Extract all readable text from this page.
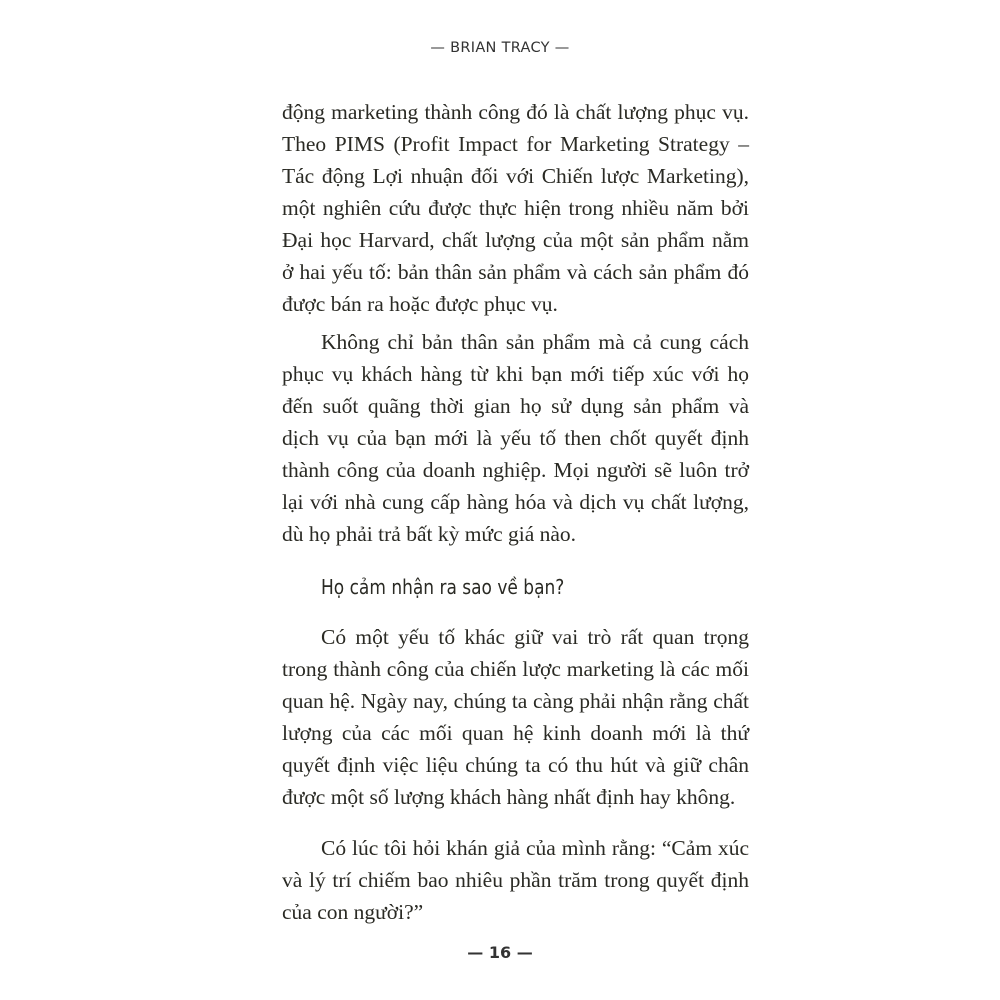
— BRIAN TRACY —
động marketing thành công đó là chất lượng phục vụ.
Theo PIMS (Profit Impact for Marketing Strategy –
Tác động Lợi nhuận đối với Chiến lược Marketing),
một nghiên cứu được thực hiện trong nhiều năm bởi
Đại học Harvard, chất lượng của một sản phẩm nằm
ở hai yếu tố: bản thân sản phẩm và cách sản phẩm đó
được bán ra hoặc được phục vụ.
Không chỉ bản thân sản phẩm mà cả cung cách
phục vụ khách hàng từ khi bạn mới tiếp xúc với họ
đến suốt quãng thời gian họ sử dụng sản phẩm và
dịch vụ của bạn mới là yếu tố then chốt quyết định
thành công của doanh nghiệp. Mọi người sẽ luôn trở
lại với nhà cung cấp hàng hóa và dịch vụ chất lượng,
dù họ phải trả bất kỳ mức giá nào.
Họ cảm nhận ra sao về bạn?
Có một yếu tố khác giữ vai trò rất quan trọng
trong thành công của chiến lược marketing là các mối
quan hệ. Ngày nay, chúng ta càng phải nhận rằng chất
lượng của các mối quan hệ kinh doanh mới là thứ
quyết định việc liệu chúng ta có thu hút và giữ chân
được một số lượng khách hàng nhất định hay không.
Có lúc tôi hỏi khán giả của mình rằng: “Cảm xúc
và lý trí chiếm bao nhiêu phần trăm trong quyết định
của con người?”
— 16 —
